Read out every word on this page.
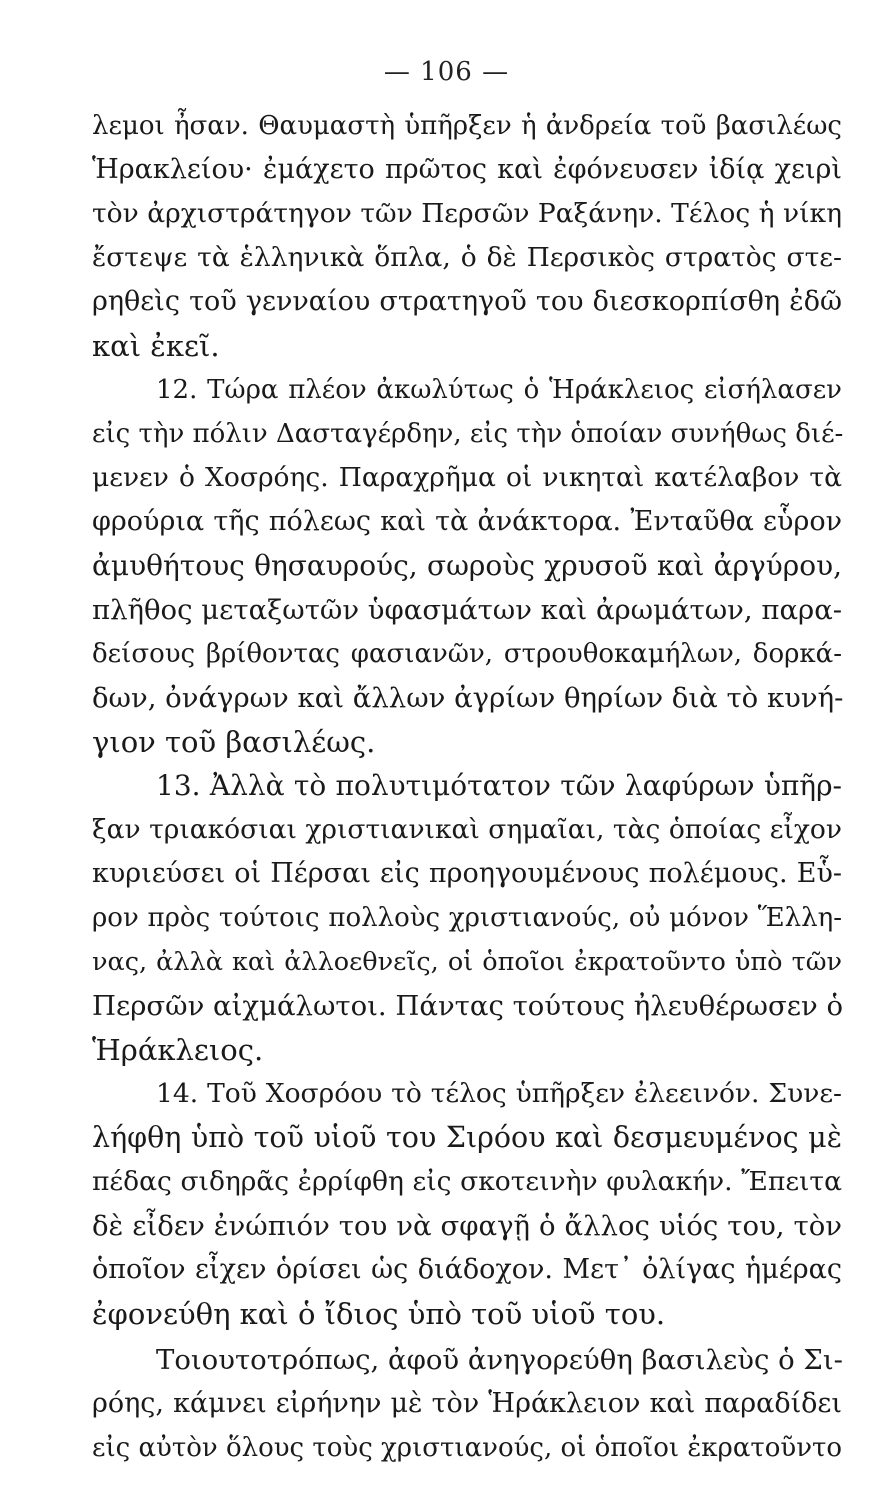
— 106 —
λεμοι ἦσαν. Θαυμαστὴ ὑπῆρξεν ἡ ἀνδρεία τοῦ βασιλέως
Ἡρακλείου· ἐμάχετο πρῶτος καὶ ἐφόνευσεν ἰδίᾳ χειρὶ
τὸν ἀρχιστράτηγον τῶν Περσῶν Ραξάνην. Τέλος ἡ νίκη
ἔστεψε τὰ ἑλληνικὰ ὅπλα, ὁ δὲ Περσικὸς στρατὸς στε-
ρηθεὶς τοῦ γενναίου στρατηγοῦ του διεσκορπίσθη ἐδῶ
καὶ ἐκεῖ.
12. Τώρα πλέον ἀκωλύτως ὁ Ἡράκλειος εἰσήλασεν
εἰς τὴν πόλιν Δασταγέρδην, εἰς τὴν ὁποίαν συνήθως διέ-
μενεν ὁ Χοσρόης. Παραχρῆμα οἱ νικηταὶ κατέλαβον τὰ
φρούρια τῆς πόλεως καὶ τὰ ἀνάκτορα. Ἐνταῦθα εὗρον
ἀμυθήτους θησαυρούς, σωροὺς χρυσοῦ καὶ ἀργύρου,
πλῆθος μεταξωτῶν ὑφασμάτων καὶ ἀρωμάτων, παρα-
δείσους βρίθοντας φασιανῶν, στρουθοκαμήλων, δορκά-
δων, ὀνάγρων καὶ ἄλλων ἀγρίων θηρίων διὰ τὸ κυνή-
γιον τοῦ βασιλέως.
13. Ἀλλὰ τὸ πολυτιμότατον τῶν λαφύρων ὑπῆρ-
ξαν τριακόσιαι χριστιανικαὶ σημαῖαι, τὰς ὁποίας εἶχον
κυριεύσει οἱ Πέρσαι εἰς προηγουμένους πολέμους. Εὗ-
ρον πρὸς τούτοις πολλοὺς χριστιανούς, οὐ μόνον Ἕλλη-
νας, ἀλλὰ καὶ ἀλλοεθνεῖς, οἱ ὁποῖοι ἐκρατοῦντο ὑπὸ τῶν
Περσῶν αἰχμάλωτοι. Πάντας τούτους ἠλευθέρωσεν ὁ
Ἡράκλειος.
14. Τοῦ Χοσρόου τὸ τέλος ὑπῆρξεν ἐλεεινόν. Συνε-
λήφθη ὑπὸ τοῦ υἱοῦ του Σιρόου καὶ δεσμευμένος μὲ
πέδας σιδηρᾶς ἐρρίφθη εἰς σκοτεινὴν φυλακήν. Ἔπειτα
δὲ εἶδεν ἐνώπιόν του νὰ σφαγῇ ὁ ἄλλος υἱός του, τὸν
ὁποῖον εἶχεν ὁρίσει ὡς διάδοχον. Μετ᾽ ὀλίγας ἡμέρας
ἐφονεύθη καὶ ὁ ἴδιος ὑπὸ τοῦ υἱοῦ του.
Τοιουτοτρόπως, ἀφοῦ ἀνηγορεύθη βασιλεὺς ὁ Σι-
ρόης, κάμνει εἰρήνην μὲ τὸν Ἡράκλειον καὶ παραδίδει
εἰς αὐτὸν ὅλους τοὺς χριστιανούς, οἱ ὁποῖοι ἐκρατοῦντο
